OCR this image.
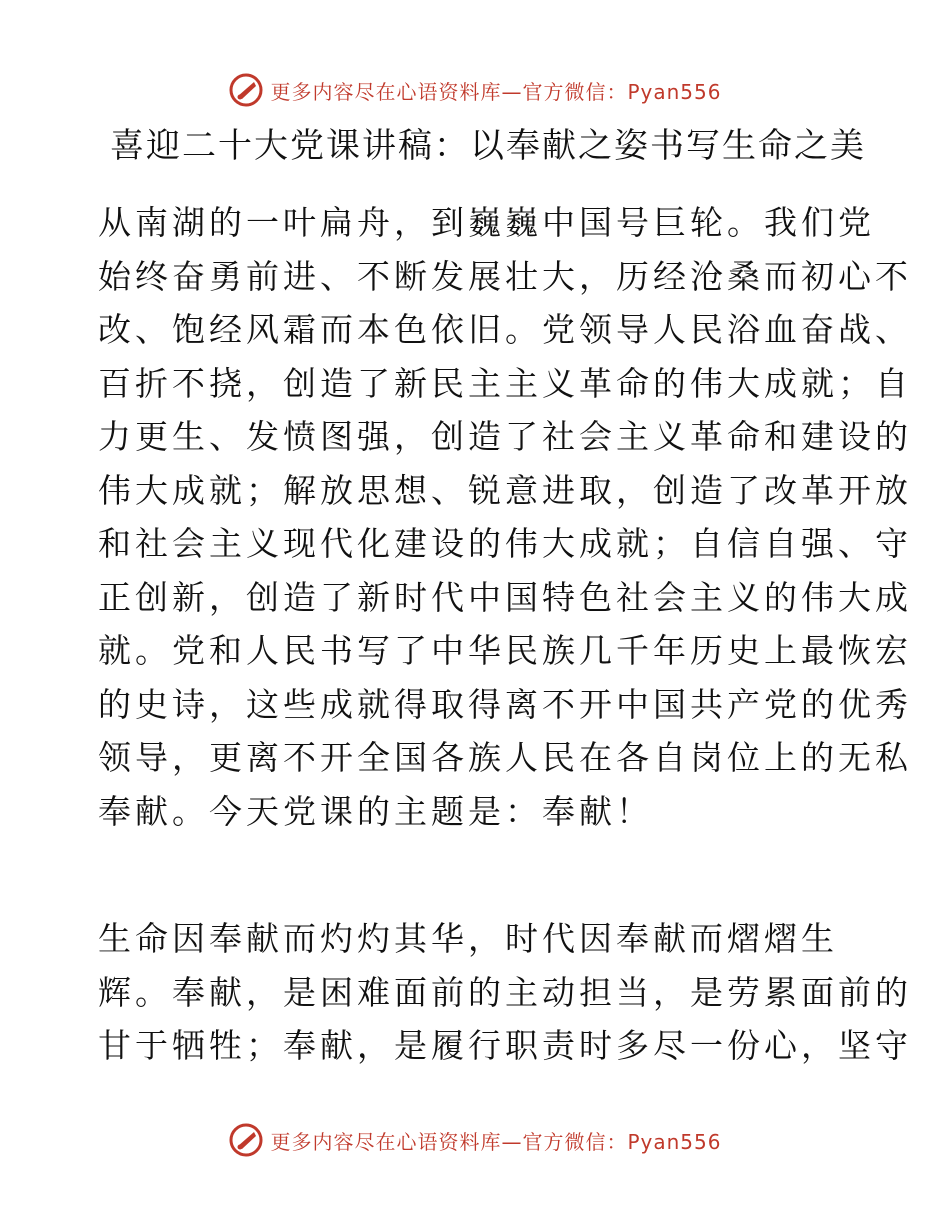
更多内容尽在心语资料库—官方微信：Pyan556
喜迎二十大党课讲稿：以奉献之姿书写生命之美
从南湖的一叶扁舟，到巍巍中国号巨轮。我们党
始终奋勇前进、不断发展壮大，历经沧桑而初心不
改、饱经风霜而本色依旧。党领导人民浴血奋战、
百折不挠，创造了新民主主义革命的伟大成就；自
力更生、发愤图强，创造了社会主义革命和建设的
伟大成就；解放思想、锐意进取，创造了改革开放
和社会主义现代化建设的伟大成就；自信自强、守
正创新，创造了新时代中国特色社会主义的伟大成
就。党和人民书写了中华民族几千年历史上最恢宏
的史诗，这些成就得取得离不开中国共产党的优秀
领导，更离不开全国各族人民在各自岗位上的无私
奉献。今天党课的主题是：奉献！
生命因奉献而灼灼其华，时代因奉献而熠熠生
辉。奉献，是困难面前的主动担当，是劳累面前的
甘于牺牲；奉献，是履行职责时多尽一份心，坚守
更多内容尽在心语资料库—官方微信：Pyan556
